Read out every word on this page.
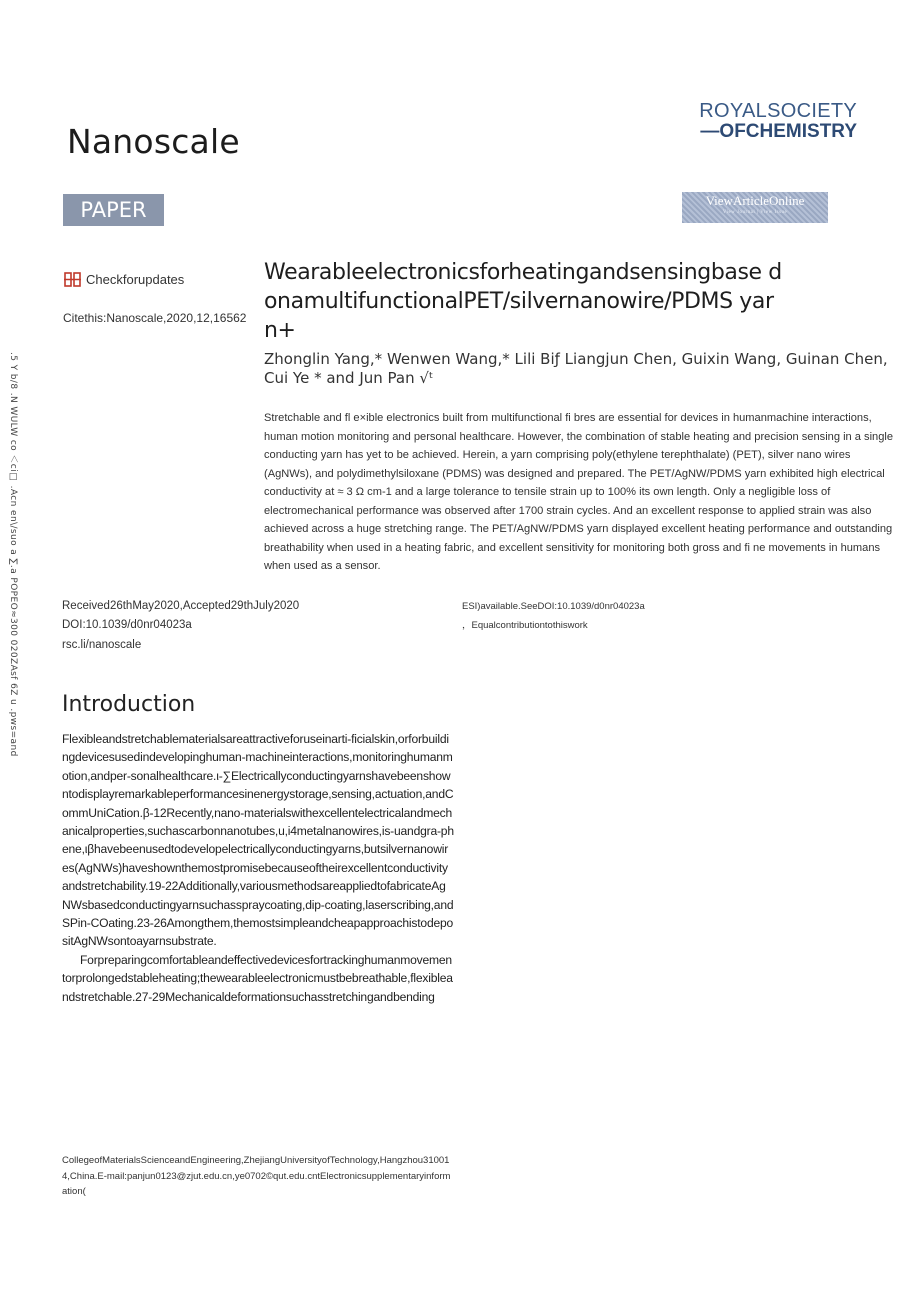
Nanoscale
ROYALSOCIETY
—OFCHEMISTRY
PAPER	ViewArticleOnline
View Journal | View Issue
Checkforupdates
Citethis:Nanoscale,2020,12,16562
Wearableelectronicsforheatingandsensingbase donamultifunctionalPET/silvernanowire/PDMS yarn+
Zhonglin Yang,* Wenwen Wang,* Lili Biƒ Liangjun Chen, Guixin Wang, Guinan Chen, Cui Ye * and Jun Pan √ᵗ
Stretchable and fl e×ible electronics built from multifunctional fi bres are essential for devices in humanmachine interactions, human motion monitoring and personal healthcare. However, the combination of stable heating and precision sensing in a single conducting yarn has yet to be achieved. Herein, a yarn comprising poly(ethylene terephthalate) (PET), silver nano wires (AgNWs), and polydimethylsiloxane (PDMS) was designed and prepared. The PET/AgNW/PDMS yarn exhibited high electrical conductivity at ≈ 3 Ω cm-1 and a large tolerance to tensile strain up to 100% its own length. Only a negligible loss of electromechanical performance was observed after 1700 strain cycles. And an excellent response to applied strain was also achieved across a huge stretching range. The PET/AgNW/PDMS yarn displayed excellent heating performance and outstanding breathability when used in a heating fabric, and excellent sensitivity for monitoring both gross and fi ne movements in humans when used as a sensor.
Received26thMay2020,Accepted29thJuly2020
DOI:10.1039/d0nr04023a
rsc.li/nanoscale
ESI)available.SeeDOI:10.1039/d0nr04023a
，Equalcontributiontothiswork
Introduction

Flexibleandstretchablematerialsareattractiveforuseinarti-ficialskin,orforbuildingdevicesusedindevelopinghuman-machineinteractions,monitoringhumanmotion,andper-sonalhealthcare.ι-∑Electricallyconductingyarnshavebeenshowntodisplayremarkableperformancesinenergystorage,sensing,actuation,andCommUniCation.β-12Recently,nano-materialswithexcellentelectricalandmechanicalproperties,suchascarbonnanotubes,u,i4metalnanowires,is-uandgra-phene,ιβhavebeenusedtodevelopelectricallyconductingyarns,butsilvernanowires(AgNWs)haveshownthemostpromisebecauseoftheirexcellentconductivityandstretchability.19-22Additionally,variousmethodsareappliedtofabricateAgNWsbasedconductingyarnsuchassprayсoating,dip-coating,laserscribing,andSPin-COating.23-26Amongthem,themostsimpleandcheapapproachistodepositAgNWsontoayarnsubstrate.

Forpreparingcomfortableandeffectivedevicesfortrackinghumanmovementorprolongedstableheating;thewearableelectronicmustbebreathable,flexibleandstretchable.27-29Mechanicaldeformationsuchasstretchingandbending

CollegeofMaterialsScienceandEngineering,ZhejiangUniversityofTechnology,Hangzhou310014,China.E-mail:panjun0123@zjut.edu.cn,ye0702©qut.edu.cntElectronicsupplementaryinformation(
.5 Y b/8 .N WULW co ＜ci□ .Acn en\/suo a ∑.a POPEO≈300 020ZAsf 6Z u .pws=and
